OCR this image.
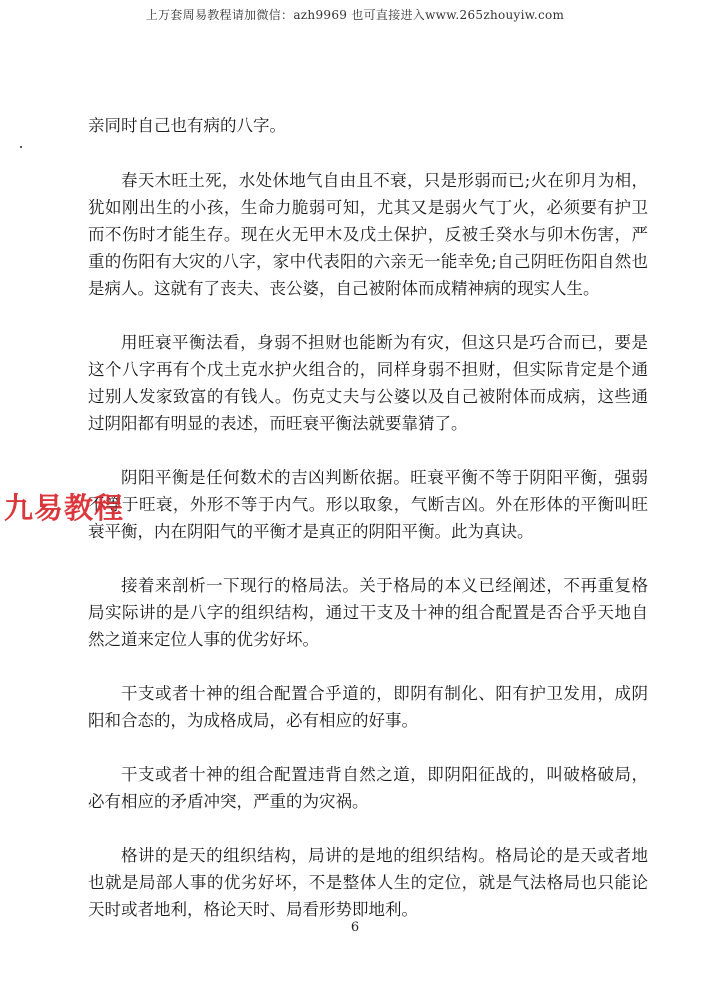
上万套周易教程请加微信：azh9969 也可直接进入www.265zhouyiw.com

亲同时自己也有病的八字。

春天木旺土死，水处休地气自由且不衰，只是形弱而已;火在卯月为相，犹如刚出生的小孩，生命力脆弱可知，尤其又是弱火气丁火，必须要有护卫而不伤时才能生存。现在火无甲木及戊土保护，反被壬癸水与卯木伤害，严重的伤阳有大灾的八字，家中代表阳的六亲无一能幸免;自己阴旺伤阳自然也是病人。这就有了丧夫、丧公婆，自己被附体而成精神病的现实人生。

用旺衰平衡法看，身弱不担财也能断为有灾，但这只是巧合而已，要是这个八字再有个戊土克水护火组合的，同样身弱不担财，但实际肯定是个通过别人发家致富的有钱人。伤克丈夫与公婆以及自己被附体而成病，这些通过阴阳都有明显的表述，而旺衰平衡法就要靠猜了。

阴阳平衡是任何数术的吉凶判断依据。旺衰平衡不等于阴阳平衡，强弱不等于旺衰，外形不等于内气。形以取象，气断吉凶。外在形体的平衡叫旺衰平衡，内在阴阳气的平衡才是真正的阴阳平衡。此为真诀。

接着来剖析一下现行的格局法。关于格局的本义已经阐述，不再重复格局实际讲的是八字的组织结构，通过干支及十神的组合配置是否合乎天地自然之道来定位人事的优劣好坏。

干支或者十神的组合配置合乎道的，即阴有制化、阳有护卫发用，成阴阳和合态的，为成格成局，必有相应的好事。

干支或者十神的组合配置违背自然之道，即阴阳征战的，叫破格破局，必有相应的矛盾冲突，严重的为灾祸。

格讲的是天的组织结构，局讲的是地的组织结构。格局论的是天或者地也就是局部人事的优劣好坏，不是整体人生的定位，就是气法格局也只能论天时或者地利，格论天时、局看形势即地利。

九易教程
6
